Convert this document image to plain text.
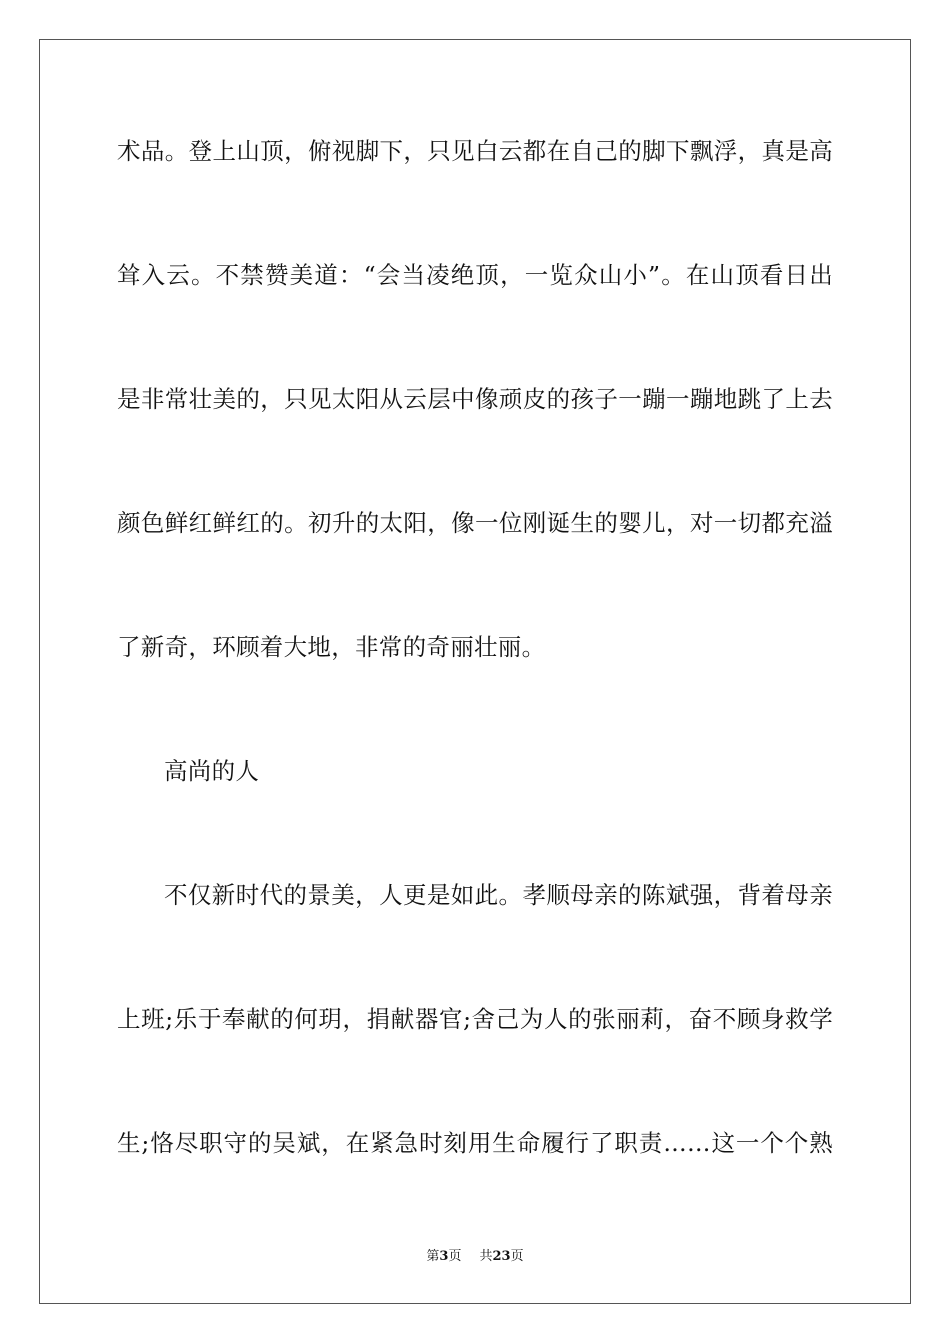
术品。登上山顶，俯视脚下，只见白云都在自己的脚下飘浮，真是高
耸入云。不禁赞美道：“会当凌绝顶，一览众山小”。在山顶看日出
是非常壮美的，只见太阳从云层中像顽皮的孩子一蹦一蹦地跳了上去
颜色鲜红鲜红的。初升的太阳，像一位刚诞生的婴儿，对一切都充溢
了新奇，环顾着大地，非常的奇丽壮丽。
高尚的人
不仅新时代的景美，人更是如此。孝顺母亲的陈斌强，背着母亲
上班;乐于奉献的何玥，捐献器官;舍己为人的张丽莉，奋不顾身救学
生;恪尽职守的吴斌，在紧急时刻用生命履行了职责……这一个个熟
第3页 共23页
